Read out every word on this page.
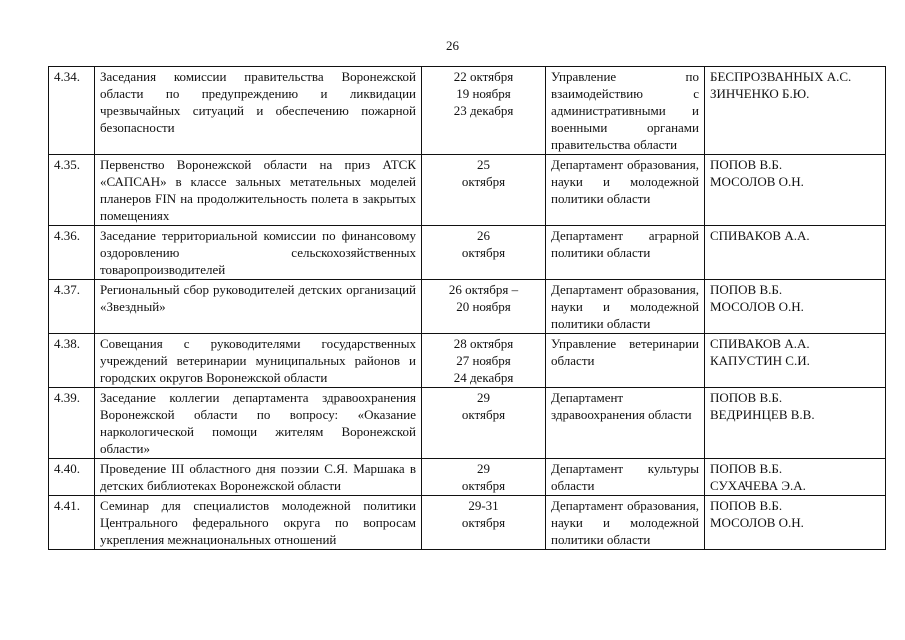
26
4.34.	Заседания комиссии правительства Воронежской области по предупреждению и ликвидации чрезвычайных ситуаций и обеспечению пожарной безопасности	22 октября
19 ноября
23 декабря	Управление по взаимодействию с административными и военными органами правительства области	БЕСПРОЗВАННЫХ А.С.
ЗИНЧЕНКО Б.Ю.

4.35.	Первенство Воронежской области на приз АТСК «САПСАН» в классе зальных метательных моделей планеров FIN на продолжительность полета в закрытых помещениях	25
октября	Департамент образования, науки и молодежной политики области	ПОПОВ В.Б.
МОСОЛОВ О.Н.

4.36.	Заседание территориальной комиссии по финансовому оздоровлению сельскохозяйственных товаропроизводителей	26
октября	Департамент аграрной политики области	СПИВАКОВ А.А.

4.37.	Региональный сбор руководителей детских организаций «Звездный»	26 октября –
20 ноября	Департамент образования, науки и молодежной политики области	ПОПОВ В.Б.
МОСОЛОВ О.Н.

4.38.	Совещания с руководителями государственных учреждений ветеринарии муниципальных районов и городских округов Воронежской области	28 октября
27 ноября
24 декабря	Управление ветеринарии области	СПИВАКОВ А.А.
КАПУСТИН С.И.

4.39.	Заседание коллегии департамента здравоохранения Воронежской области по вопросу: «Оказание наркологической помощи жителям Воронежской области»	29
октября	Департамент здравоохранения области	ПОПОВ В.Б.
ВЕДРИНЦЕВ В.В.

4.40.	Проведение III областного дня поэзии С.Я. Маршака в детских библиотеках Воронежской области	29
октября	Департамент культуры области	ПОПОВ В.Б.
СУХАЧЕВА Э.А.

4.41.	Семинар для специалистов молодежной политики Центрального федерального округа по вопросам укрепления межнациональных отношений	29-31
октября	Департамент образования, науки и молодежной политики области	ПОПОВ В.Б.
МОСОЛОВ О.Н.
